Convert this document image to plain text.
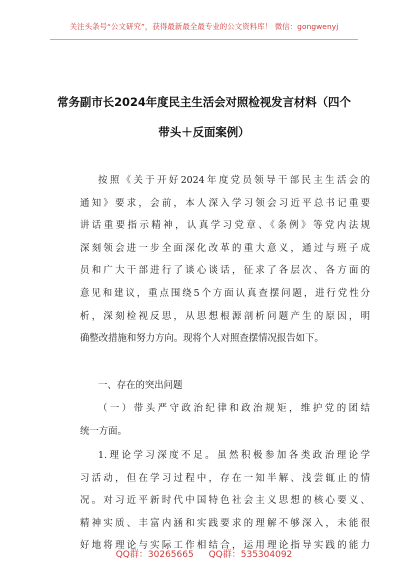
关注头条号“公文研究”，获得最新最全最专业的公文资料库！ 微信：gongwenyj
常务副市长2024年度民主生活会对照检视发言材料（四个
带头＋反面案例）
按照《关于开好2024年度党员领导干部民主生活会的
通知》要求，会前，本人深入学习领会习近平总书记重要
讲话重要指示精神，认真学习党章、《条例》等党内法规
深刻领会进一步全面深化改革的重大意义，通过与班子成
员和广大干部进行了谈心谈话，征求了各层次、各方面的
意见和建议，重点围绕5个方面认真查摆问题，进行党性分
析，深刻检视反思，从思想根源剖析问题产生的原因，明
确整改措施和努力方向。现将个人对照查摆情况报告如下。
一、存在的突出问题
（一）带头严守政治纪律和政治规矩，维护党的团结
统一方面。
1.理论学习深度不足。虽然积极参加各类政治理论学
习活动，但在学习过程中，存在一知半解、浅尝辄止的情
况。对习近平新时代中国特色社会主义思想的核心要义、
精神实质、丰富内涵和实践要求的理解不够深入，未能很
好地将理论与实际工作相结合，运用理论指导实践的能力
QQ群：30265665 QQ群：535304092
